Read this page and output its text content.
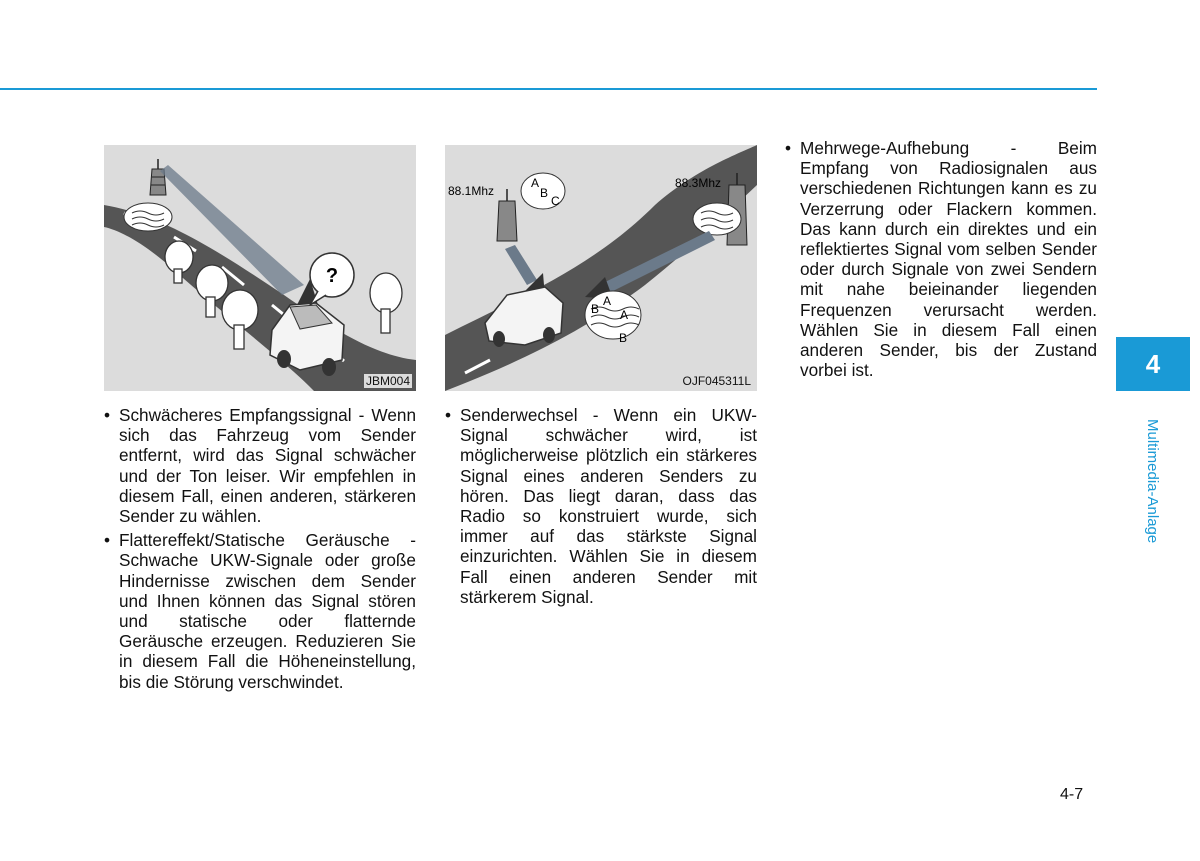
?
JBM004
88.1Mhz
A
B
C
88.3Mhz
A
B A
B
OJF045311L
• Schwächeres Empfangssignal - Wenn sich das Fahrzeug vom Sender entfernt, wird das Signal schwächer und der Ton leiser. Wir empfehlen in diesem Fall, einen anderen, stärkeren Sender zu wählen.
• Flattereffekt/Statische Geräusche - Schwache UKW-Signale oder große Hindernisse zwischen dem Sender und Ihnen können das Signal stören und statische oder flatternde Geräusche erzeugen. Reduzieren Sie in diesem Fall die Höheneinstellung, bis die Störung verschwindet.
• Senderwechsel - Wenn ein UKW-Signal schwächer wird, ist möglicherweise plötzlich ein stärkeres Signal eines anderen Senders zu hören. Das liegt daran, dass das Radio so konstruiert wurde, sich immer auf das stärkste Signal einzurichten. Wählen Sie in diesem Fall einen anderen Sender mit stärkerem Signal.
• Mehrwege-Aufhebung - Beim Empfang von Radiosignalen aus verschiedenen Richtungen kann es zu Verzerrung oder Flackern kommen. Das kann durch ein direktes und ein reflektiertes Signal vom selben Sender oder durch Signale von zwei Sendern mit nahe beieinander liegenden Frequenzen verursacht werden. Wählen Sie in diesem Fall einen anderen Sender, bis der Zustand vorbei ist.	4
Multimedia-Anlage
4-7
